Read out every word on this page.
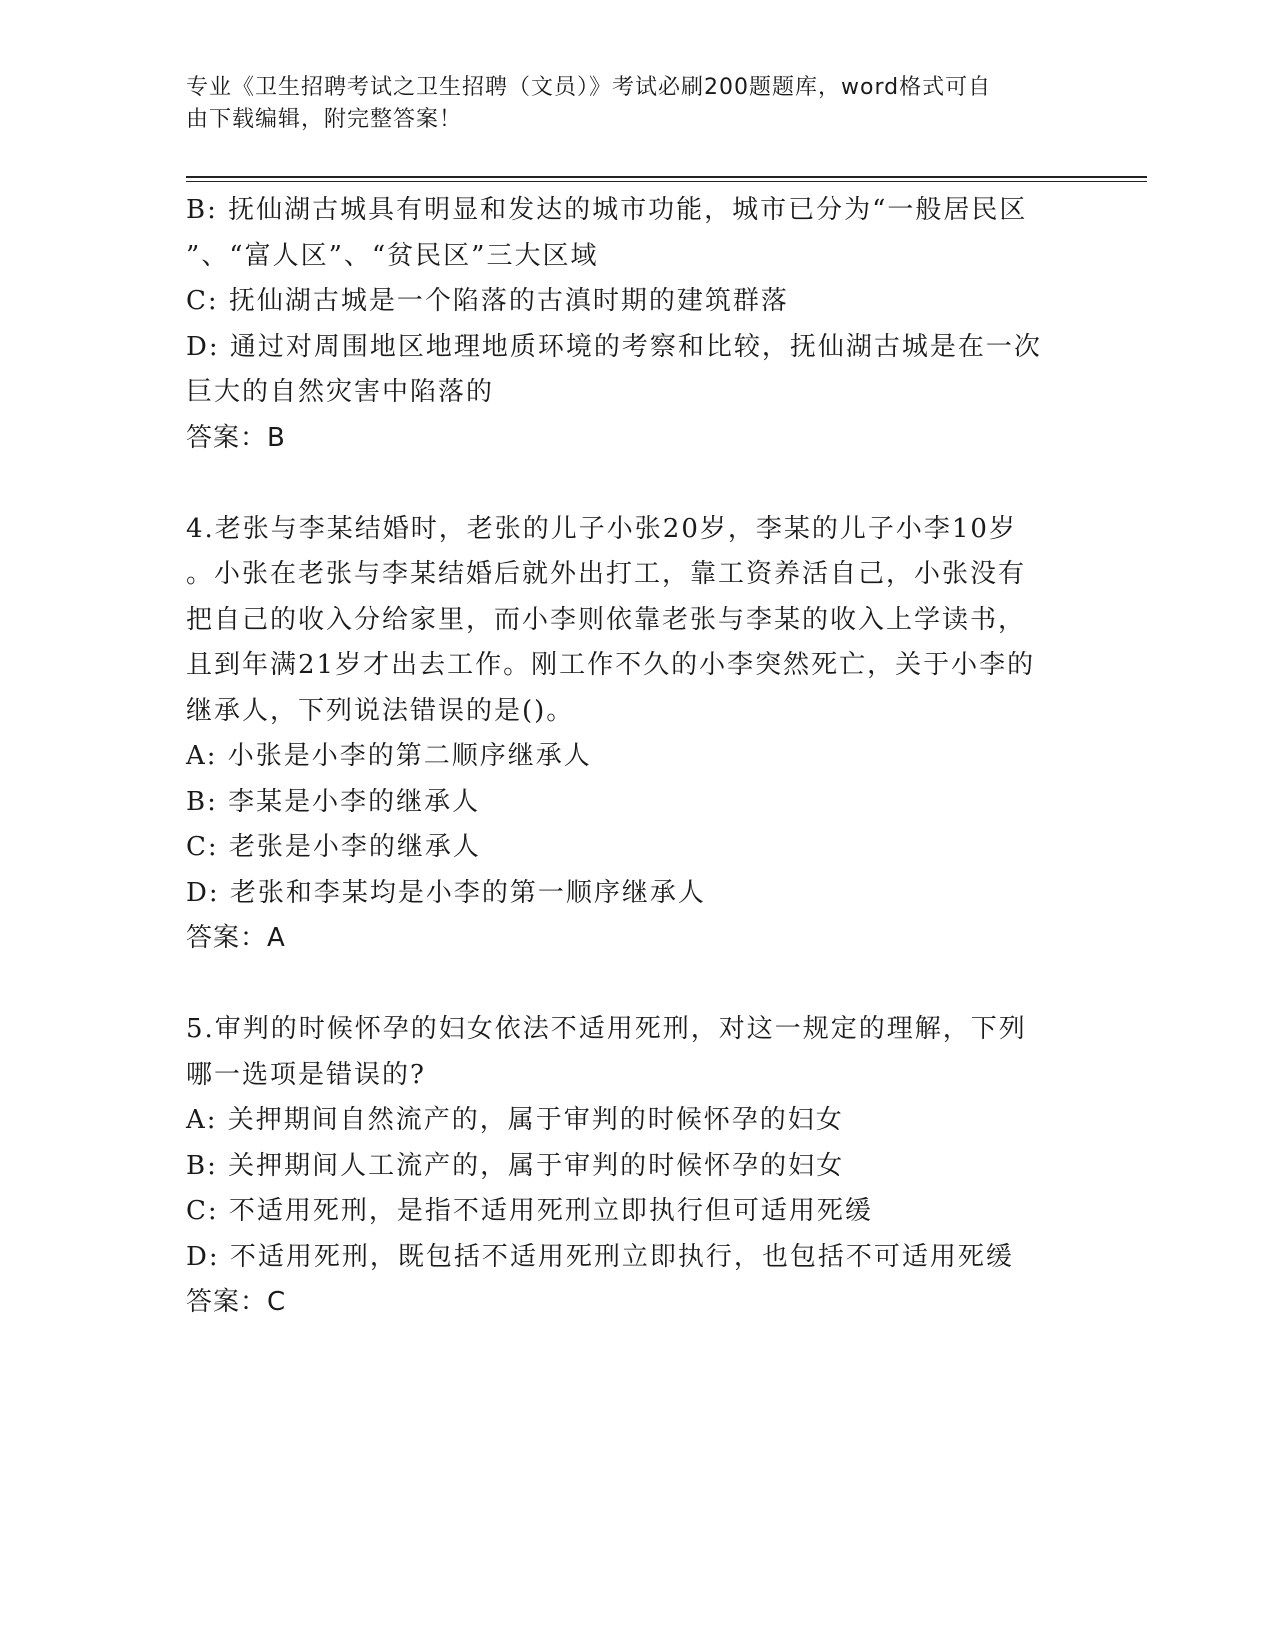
专业《卫生招聘考试之卫生招聘（文员）》考试必刷200题题库，word格式可自
由下载编辑，附完整答案！
B: 抚仙湖古城具有明显和发达的城市功能，城市已分为“一般居民区
”、“富人区”、“贫民区”三大区域
C: 抚仙湖古城是一个陷落的古滇时期的建筑群落
D: 通过对周围地区地理地质环境的考察和比较，抚仙湖古城是在一次
巨大的自然灾害中陷落的
答案：B
4.老张与李某结婚时，老张的儿子小张20岁，李某的儿子小李10岁
。小张在老张与李某结婚后就外出打工，靠工资养活自己，小张没有
把自己的收入分给家里，而小李则依靠老张与李某的收入上学读书，
且到年满21岁才出去工作。刚工作不久的小李突然死亡，关于小李的
继承人，下列说法错误的是()。
A: 小张是小李的第二顺序继承人
B: 李某是小李的继承人
C: 老张是小李的继承人
D: 老张和李某均是小李的第一顺序继承人
答案：A
5.审判的时候怀孕的妇女依法不适用死刑，对这一规定的理解，下列
哪一选项是错误的?
A: 关押期间自然流产的，属于审判的时候怀孕的妇女
B: 关押期间人工流产的，属于审判的时候怀孕的妇女
C: 不适用死刑，是指不适用死刑立即执行但可适用死缓
D: 不适用死刑，既包括不适用死刑立即执行，也包括不可适用死缓
答案：C
